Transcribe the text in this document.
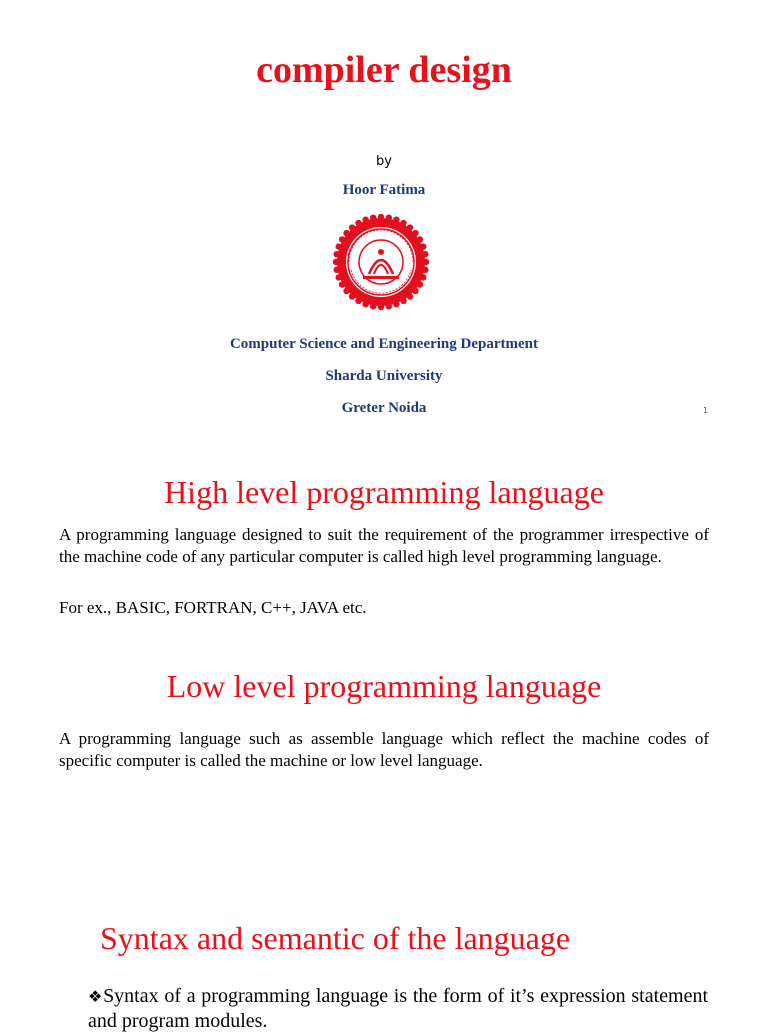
compiler design
by
Hoor Fatima
Computer Science and Engineering Department
Sharda University
Greter Noida	1
High level programming language

A programming language designed to suit the requirement of the programmer irrespective of the machine code of any particular computer is called high level programming language.

For ex., BASIC, FORTRAN, C++, JAVA etc.

Low level programming language

A programming language such as assemble language which reflect the machine codes of specific computer is called the machine or low level language.

Syntax and semantic of the language

❖Syntax of a programming language is the form of it’s expression statement and program modules.
